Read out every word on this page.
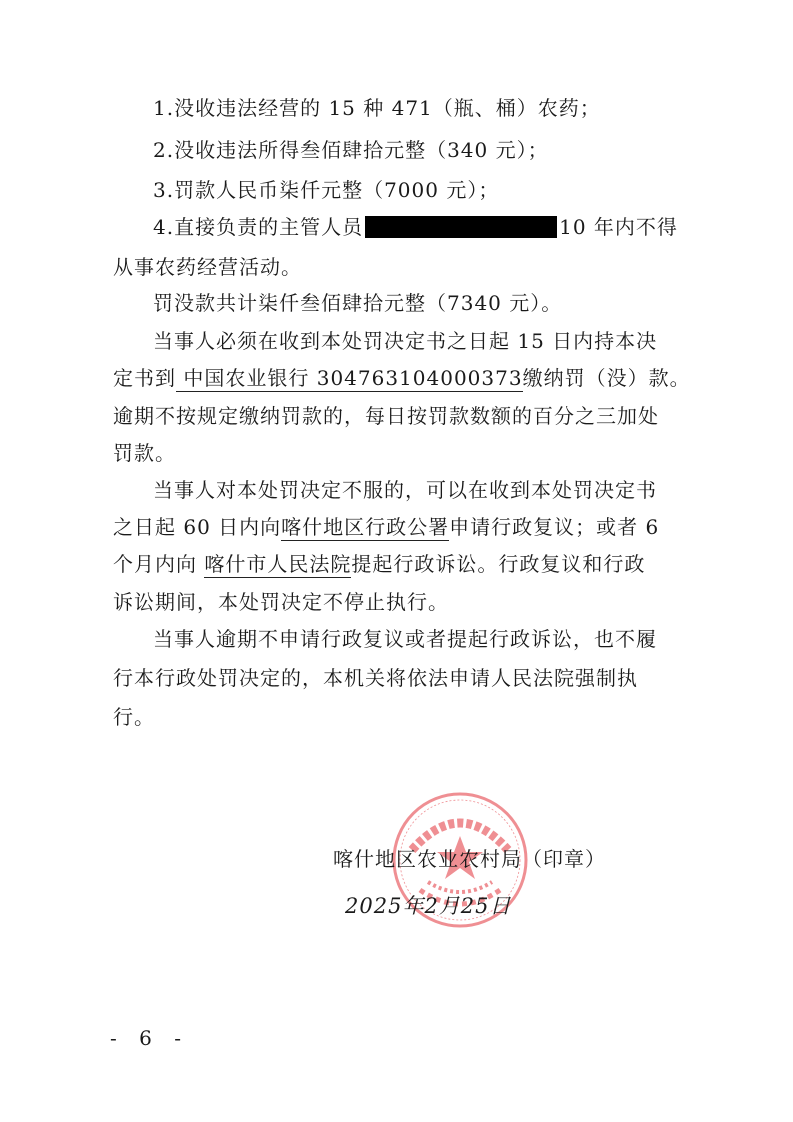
1.没收违法经营的 15 种 471（瓶、桶）农药；
2.没收违法所得叁佰肆拾元整（340 元）；
3.罚款人民币柒仟元整（7000 元）；
4.直接负责的主管人员	10 年内不得
从事农药经营活动。
罚没款共计柒仟叁佰肆拾元整（7340 元）。
当事人必须在收到本处罚决定书之日起 15 日内持本决
定书到 中国农业银行 304763104000373缴纳罚（没）款。
逾期不按规定缴纳罚款的，每日按罚款数额的百分之三加处
罚款。
当事人对本处罚决定不服的，可以在收到本处罚决定书
之日起 60 日内向喀什地区行政公署申请行政复议；或者 6
个月内向 喀什市人民法院提起行政诉讼。行政复议和行政
诉讼期间，本处罚决定不停止执行。
当事人逾期不申请行政复议或者提起行政诉讼，也不履
行本行政处罚决定的，本机关将依法申请人民法院强制执
行。
喀什地区农业农村局（印章）
2025年2月25日
- 6 -
